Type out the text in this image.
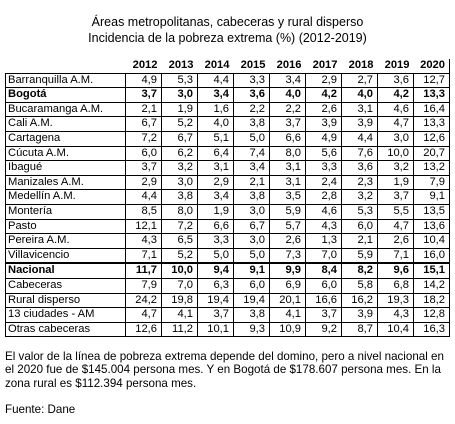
Áreas metropolitanas, cabeceras y rural disperso
Incidencia de la pobreza extrema (%) (2012-2019)
	2012	2013	2014	2015	2016	2017	2018	2019	2020
Barranquilla A.M.	4,9	5,3	4,4	3,3	3,4	2,9	2,7	3,6	12,7
Bogotá	3,7	3,0	3,4	3,6	4,0	4,2	4,0	4,2	13,3
Bucaramanga A.M.	2,1	1,9	1,6	2,2	2,2	2,6	3,1	4,6	16,4
Cali A.M.	6,7	5,2	4,0	3,8	3,7	3,9	3,9	4,7	13,3
Cartagena	7,2	6,7	5,1	5,0	6,6	4,9	4,4	3,0	12,6
Cúcuta A.M.	6,0	6,2	6,4	7,4	8,0	5,6	7,6	10,0	20,7
Ibagué	3,7	3,2	3,1	3,4	3,1	3,3	3,6	3,2	13,2
Manizales A.M.	2,9	3,0	2,9	2,1	3,1	2,4	2,3	1,9	7,9
Medellín A.M.	4,4	3,8	3,4	3,8	3,5	2,8	3,2	3,7	9,1
Montería	8,5	8,0	1,9	3,0	5,9	4,6	5,3	5,5	13,5
Pasto	12,1	7,2	6,6	6,7	5,7	4,3	6,0	4,7	13,6
Pereira A.M.	4,3	6,5	3,3	3,0	2,6	1,3	2,1	2,6	10,4
Villavicencio	7,1	5,2	5,0	5,0	7,3	7,0	5,9	7,1	16,0
Nacional	11,7	10,0	9,4	9,1	9,9	8,4	8,2	9,6	15,1
Cabeceras	7,9	7,0	6,3	6,0	6,9	6,0	5,8	6,8	14,2
Rural disperso	24,2	19,8	19,4	19,4	20,1	16,6	16,2	19,3	18,2
13 ciudades - AM	4,7	4,1	3,7	3,8	4,1	3,7	3,9	4,3	12,8
Otras cabeceras	12,6	11,2	10,1	9,3	10,9	9,2	8,7	10,4	16,3
El valor de la línea de pobreza extrema depende del domino, pero a nivel nacional en el 2020 fue de $145.004 persona mes. Y en Bogotá de $178.607 persona mes. En la zona rural es $112.394 persona mes.
Fuente: Dane
